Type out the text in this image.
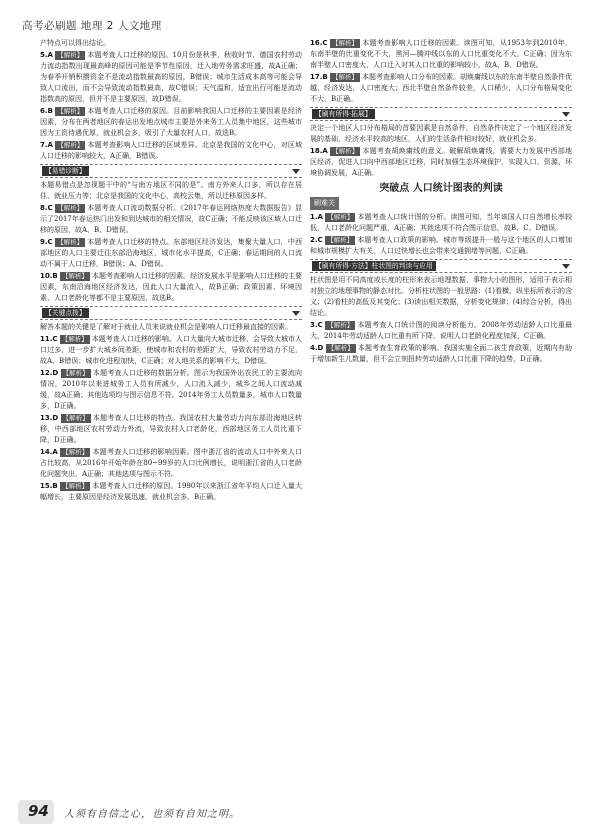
高考必刷题 地理 2 人文地理

产特点可以得出结论。

5.A 【解析】 本题考查人口迁移的原因。10月份是秋季，秋收时节，德国农村劳动力流动指数出现最高峰的原因可能是季节性原因，迁入地劳务需求旺盛，故A正确；为春季开销积攒资金不是流动指数最高的原因，B错误；城市生活成本高等可能会导致人口流出，而不会导致流动指数最高，故C错误；天气温和，适宜出行可能是流动指数高的原因，但并不是主要原因，故D错误。

6.B 【解析】 本题考查人口迁移的原因。目前影响我国人口迁移的主要因素是经济因素，分布在两者地区的春运出发地点城市主要是外来务工人员集中地区，这些城市因为工资待遇优厚，就业机会多，吸引了大量农村人口，故选B。

7.A 【解析】 本题考查影响人口迁移的区域差异。北京是我国的文化中心，对区域人口迁移的影响较大，A正确，B错误。

【易错诊断】

本题易错点是忽视题干中的“与南方地区不同的是”。南方外来人口多，所以存在居住、就业压力等；北京是我国的文化中心，高校云集，所以迁移原因多样。

8.C 【解析】 本题考查人口流动数据分析。《2017年春运网络热度大数据报告》显示了2017年春运热门出发和到达城市的相关情况，故C正确；不能反映该区域人口迁移的原因，故A、B、D错误。

9.C 【解析】 本题考查人口迁移的特点。东部地区经济发达，集聚大量人口，中西部地区的人口主要迁往东部沿海地区，城市化水平提高，C正确；春运期间的人口流动不属于人口迁移，B错误；A、D错误。

10.B 【解析】 本题考查影响人口迁移的因素。经济发展水平是影响人口迁移的主要因素，东南沿海地区经济发达，因此人口大量流入，故B正确；政策因素、环境因素、人口老龄化等都不是主要原因，故选B。

【关键点拨】

解答本题的关键是了解对于就业人员来说就业机会是影响人口迁移最直接的因素。

11.C 【解析】 本题考查人口迁移的影响。人口大量向大城市迁移，会导致大城市人口过多，进一步扩大城乡间差距，使城市和农村的差距扩大，导致农村劳动力不足，故A、B错误；城市化进程加快，C正确；对人地关系的影响不大，D错误。

12.D 【解析】 本题考查人口迁移的数据分析。图示为我国外出农民工的主要流向情况，2010年以来进城务工人员有所减少，人口流入减少，城乡之间人口流动减缓，故A正确；其他选项均与图示信息不符。2014年务工人员数量多，城市人口数量多，D正确。

13.D 【解析】 本题考查人口迁移的特点。我国农村大量劳动力向东部沿海地区转移，中西部地区农村劳动力外流，导致农村人口老龄化，西部地区务工人员比重下降，D正确。

14.A 【解析】 本题考查人口迁移的影响因素。图中浙江省的流动人口中外来人口占比较高，从2016年开始年龄在80~99岁的人口比例增长，说明浙江省的人口老龄化问题突出，A正确；其他选项与图示不符。

15.B 【解析】 本题考查人口迁移的原因。1990年以来浙江省年平均人口迁入量大幅增长，主要原因是经济发展迅速，就业机会多，B正确。

16.C 【解析】 本题考查影响人口迁移的因素。读图可知，从1953年到2010年，东南半壁的比重变化不大，黑河—腾冲线以东的人口比重变化不大，C正确；因为东南半壁人口密度大，人口迁入对其人口比重的影响较小，故A、B、D错误。

17.B 【解析】 本题考查影响人口分布的因素。胡焕庸线以东的东南半壁自然条件优越，经济发达，人口密度大；西北半壁自然条件较差，人口稀少，人口分布格局变化不大，B正确。

【刷有所得·拓展】

决定一个地区人口分布格局的首要因素是自然条件，自然条件决定了一个地区经济发展的基础，经济水平较高的地区，人们的生活条件相对较好，就业机会多。

18.A 【解析】 本题考查胡焕庸线的意义。破解胡焕庸线，需要大力发展中西部地区经济，促进人口向中西部地区迁移，同时加强生态环境保护，实现人口、资源、环境协调发展，A正确。

突破点 人口统计图表的判读
刷难关

1.A 【解析】 本题考查人口统计图的分析。读图可知，当年该国人口自然增长率较低，人口老龄化问题严重，A正确；其他选项不符合图示信息，故B、C、D错误。

2.C 【解析】 本题考查人口政策的影响。城市等级提升一般与这个地区的人口增加和城市规模扩大有关，人口过快增长也会带来交通拥堵等问题，C正确。

【刷有所得·方法】柱状图的判读与应用

柱状图是用不同高度或长度的柱形来表示地理数据、事物大小的图形，适用于表示相对独立的地理事物的静态对比。分析柱状图的一般思路：(1)看横、纵坐标所表示的含义；(2)看柱的高低及其变化；(3)读出相关数据，分析变化规律；(4)综合分析，得出结论。

3.C 【解析】 本题考查人口统计图的阅读分析能力。2008年劳动适龄人口比重最大，2014年劳动适龄人口比重有所下降，说明人口老龄化程度加深，C正确。

4.D 【解析】 本题考查生育政策的影响。我国实施全面二孩生育政策，近期内有助于增加新生儿数量，但不会立刻扭转劳动适龄人口比重下降的趋势，D正确。

94 人须有自信之心，也须有自知之明。
